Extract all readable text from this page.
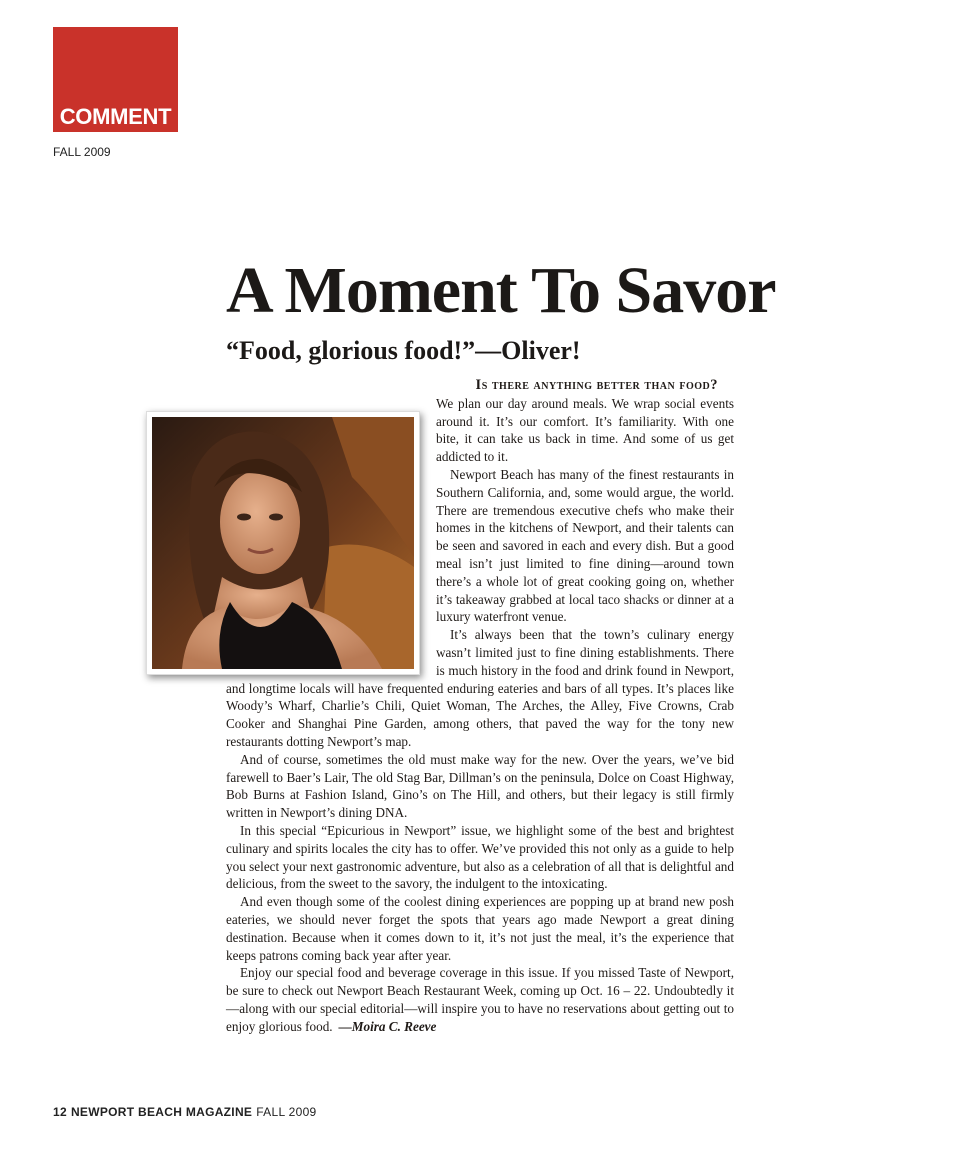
COMMENT
FALL 2009
A Moment To Savor
“Food, glorious food!”—Oliver!
Is there anything better than food?

We plan our day around meals. We wrap social events around it. It’s our comfort. It’s familiarity. With one bite, it can take us back in time. And some of us get addicted to it.

Newport Beach has many of the finest restaurants in Southern California, and, some would argue, the world. There are tremendous executive chefs who make their homes in the kitchens of Newport, and their talents can be seen and savored in each and every dish. But a good meal isn’t just limited to fine dining—around town there’s a whole lot of great cooking going on, whether it’s takeaway grabbed at local taco shacks or dinner at a luxury waterfront venue.

It’s always been that the town’s culinary energy wasn’t limited just to fine dining establishments. There is much history in the food and drink found in Newport, and longtime locals will have frequented enduring eateries and bars of all types. It’s places like Woody’s Wharf, Charlie’s Chili, Quiet Woman, The Arches, the Alley, Five Crowns, Crab Cooker and Shanghai Pine Garden, among others, that paved the way for the tony new restaurants dotting Newport’s map.

And of course, sometimes the old must make way for the new. Over the years, we’ve bid farewell to Baer’s Lair, The old Stag Bar, Dillman’s on the peninsula, Dolce on Coast Highway, Bob Burns at Fashion Island, Gino’s on The Hill, and others, but their legacy is still firmly written in Newport’s dining DNA.

In this special “Epicurious in Newport” issue, we highlight some of the best and brightest culinary and spirits locales the city has to offer. We’ve provided this not only as a guide to help you select your next gastronomic adventure, but also as a celebration of all that is delightful and delicious, from the sweet to the savory, the indulgent to the intoxicating.

And even though some of the coolest dining experiences are popping up at brand new posh eateries, we should never forget the spots that years ago made Newport a great dining destination. Because when it comes down to it, it’s not just the meal, it’s the experience that keeps patrons coming back year after year.

Enjoy our special food and beverage coverage in this issue. If you missed Taste of Newport, be sure to check out Newport Beach Restaurant Week, coming up Oct. 16 – 22. Undoubtedly it—along with our special editorial—will inspire you to have no reservations about getting out to enjoy glorious food. —Moira C. Reeve

12 NEWPORT BEACH MAGAZINE FALL 2009
